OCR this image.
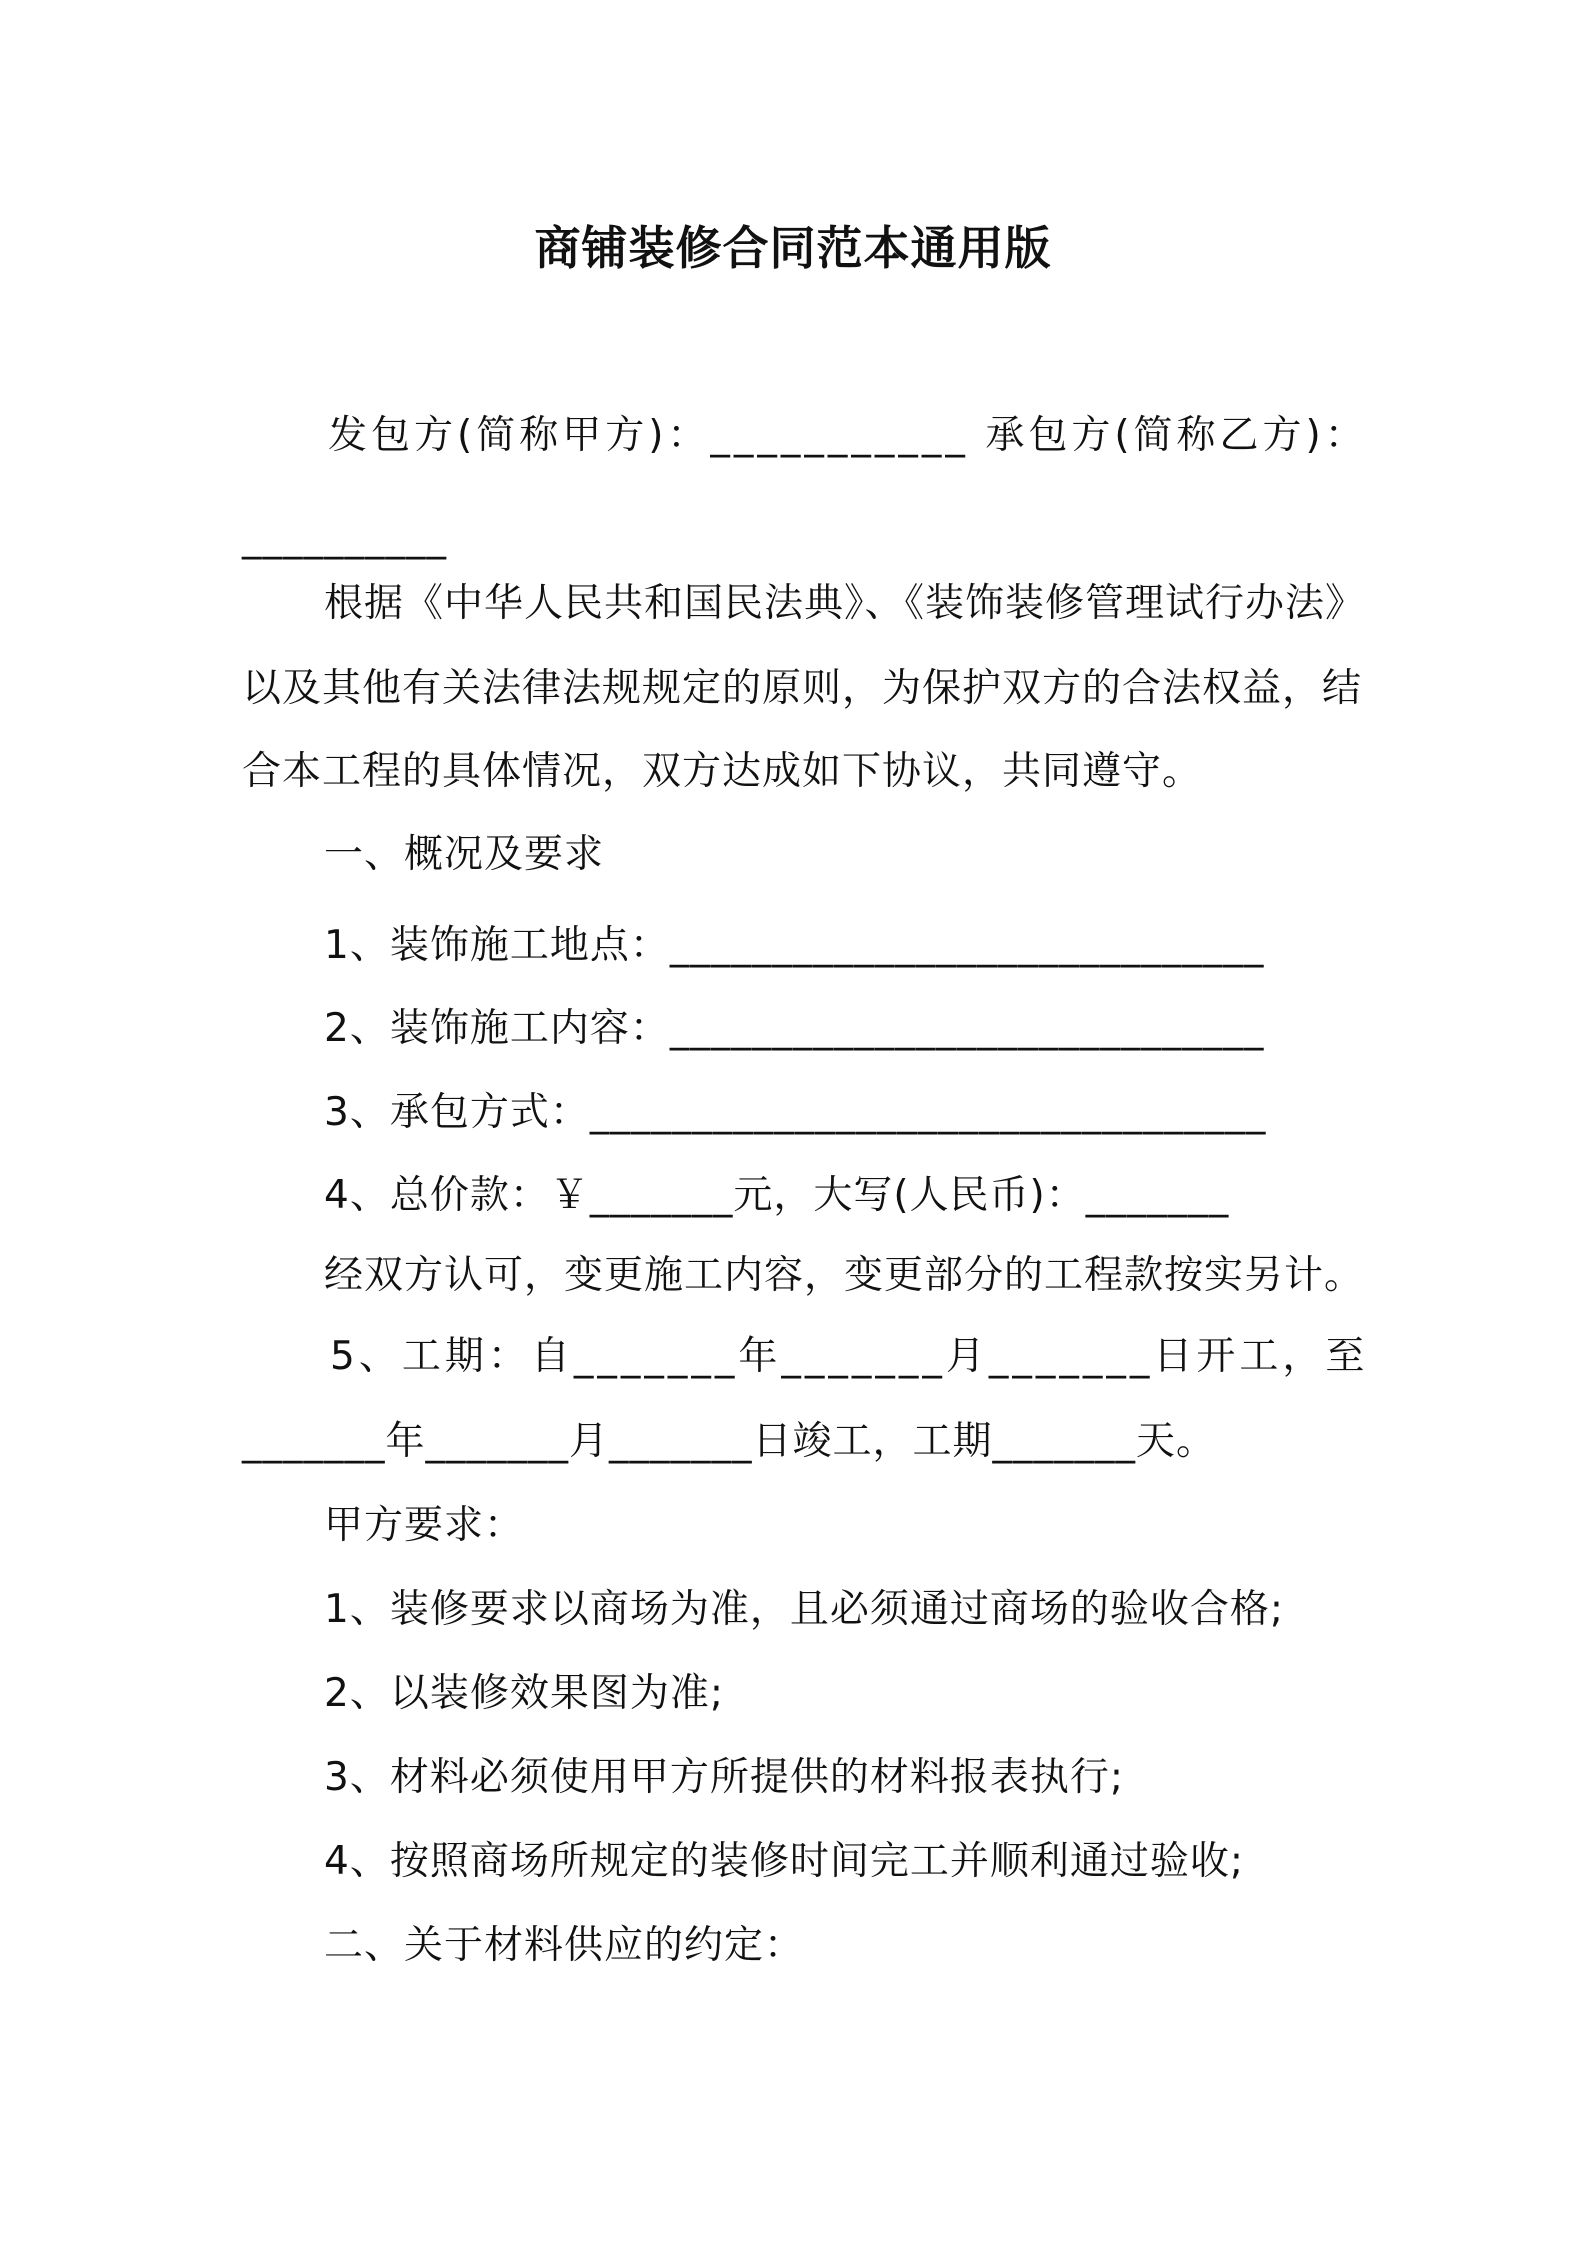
商铺装修合同范本通用版
发包方(简称甲方)：___________ 承包方(简称乙方)：
__________
根据《中华人民共和国民法典》、《装饰装修管理试行办法》
以及其他有关法律法规规定的原则，为保护双方的合法权益，结
合本工程的具体情况，双方达成如下协议，共同遵守。
一、概况及要求
1、装饰施工地点：_____________________________
2、装饰施工内容：_____________________________
3、承包方式：_________________________________
4、总价款：￥_______元，大写(人民币)：_______
经双方认可，变更施工内容，变更部分的工程款按实另计。
5、工期：自_______年_______月_______日开工，至
_______年_______月_______日竣工，工期_______天。
甲方要求：
1、装修要求以商场为准，且必须通过商场的验收合格;
2、以装修效果图为准;
3、材料必须使用甲方所提供的材料报表执行;
4、按照商场所规定的装修时间完工并顺利通过验收;
二、关于材料供应的约定：
